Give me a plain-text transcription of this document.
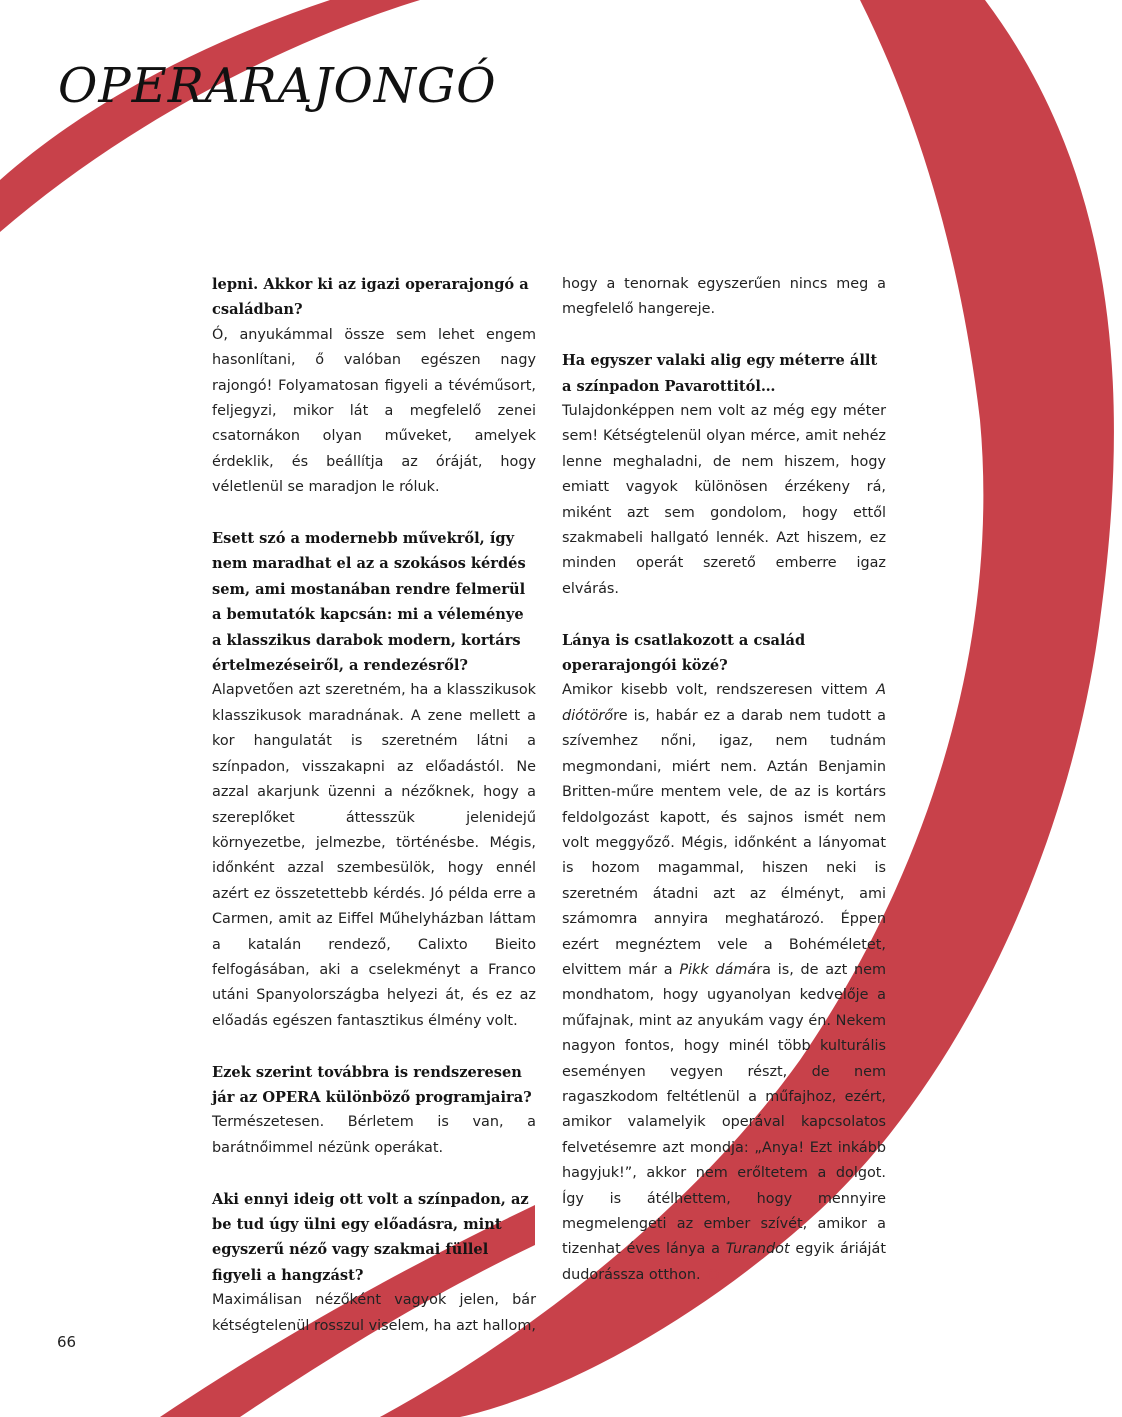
OPERARAJONGÓ
lepni. Akkor ki az igazi operarajongó a családban?
Ó, anyukámmal össze sem lehet engem hasonlítani, ő valóban egészen nagy rajongó! Folyamatosan figyeli a tévéműsort, feljegyzi, mikor lát a megfelelő zenei csatornákon olyan műveket, amelyek érdeklik, és beállítja az óráját, hogy véletlenül se maradjon le róluk.
Esett szó a modernebb művekről, így nem maradhat el az a szokásos kérdés sem, ami mostanában rendre felmerül a bemutatók kapcsán: mi a véleménye a klasszikus darabok modern, kortárs értelmezéseiről, a rendezésről?
Alapvetően azt szeretném, ha a klasszikusok klasszikusok maradnának. A zene mellett a kor hangulatát is szeretném látni a színpadon, visszakapni az előadástól. Ne azzal akarjunk üzenni a nézőknek, hogy a szereplőket áttesszük jelenidejű környezetbe, jelmezbe, történésbe. Mégis, időnként azzal szembesülök, hogy ennél azért ez összetettebb kérdés. Jó példa erre a Carmen, amit az Eiffel Műhelyházban láttam a katalán rendező, Calixto Bieito felfogásában, aki a cselekményt a Franco utáni Spanyolországba helyezi át, és ez az előadás egészen fantasztikus élmény volt.
Ezek szerint továbbra is rendszeresen jár az OPERA különböző programjaira?
Természetesen. Bérletem is van, a barátnőimmel nézünk operákat.
Aki ennyi ideig ott volt a színpadon, az be tud úgy ülni egy előadásra, mint egyszerű néző vagy szakmai füllel figyeli a hangzást?
Maximálisan nézőként vagyok jelen, bár kétségtelenül rosszul viselem, ha azt hallom,
hogy a tenornak egyszerűen nincs meg a megfelelő hangereje.
Ha egyszer valaki alig egy méterre állt a színpadon Pavarottitól…
Tulajdonképpen nem volt az még egy méter sem! Kétségtelenül olyan mérce, amit nehéz lenne meghaladni, de nem hiszem, hogy emiatt vagyok különösen érzékeny rá, miként azt sem gondolom, hogy ettől szakmabeli hallgató lennék. Azt hiszem, ez minden operát szerető emberre igaz elvárás.
Lánya is csatlakozott a család operarajongói közé?
Amikor kisebb volt, rendszeresen vittem A diótörőre is, habár ez a darab nem tudott a szívemhez nőni, igaz, nem tudnám megmondani, miért nem. Aztán Benjamin Britten-műre mentem vele, de az is kortárs feldolgozást kapott, és sajnos ismét nem volt meggyőző. Mégis, időnként a lányomat is hozom magammal, hiszen neki is szeretném átadni azt az élményt, ami számomra annyira meghatározó. Éppen ezért megnéztem vele a Bohéméletet, elvittem már a Pikk dámára is, de azt nem mondhatom, hogy ugyanolyan kedvelője a műfajnak, mint az anyukám vagy én. Nekem nagyon fontos, hogy minél több kulturális eseményen vegyen részt, de nem ragaszkodom feltétlenül a műfajhoz, ezért, amikor valamelyik operával kapcsolatos felvetésemre azt mondja: „Anya! Ezt inkább hagyjuk!”, akkor nem erőltetem a dolgot. Így is átélhettem, hogy mennyire megmelengeti az ember szívét, amikor a tizenhat éves lánya a Turandot egyik áriáját dudorássza otthon.
66
